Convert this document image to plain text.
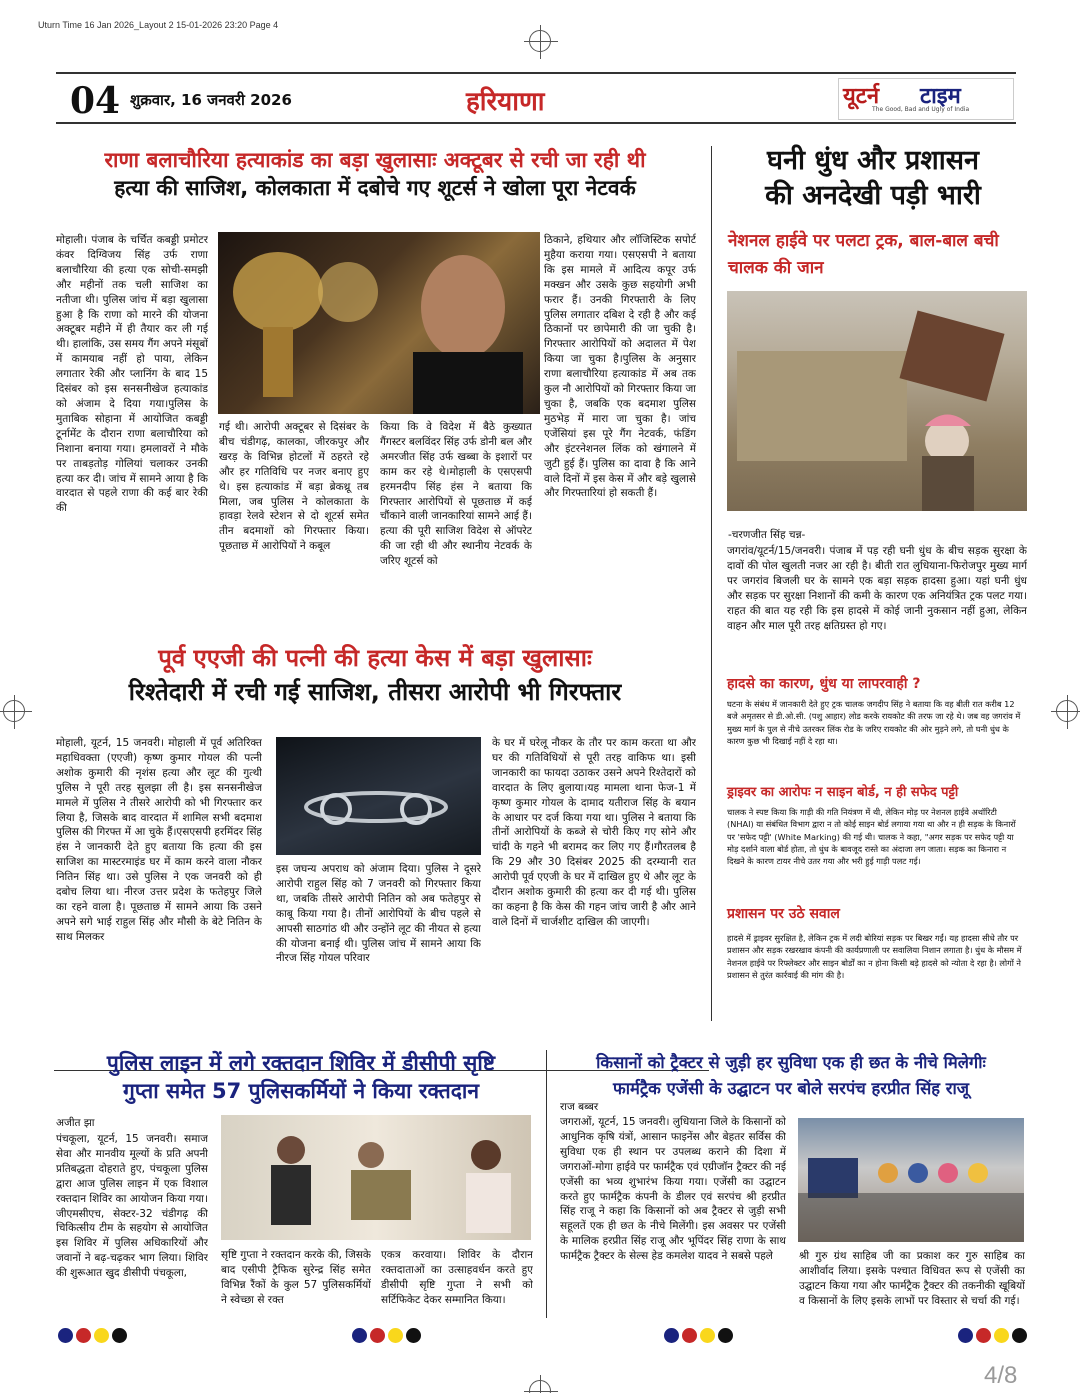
Uturn Time 16 Jan 2026_Layout 2 15-01-2026 23:20 Page 4
04 शुक्रवार, 16 जनवरी 2026	हरियाणा	यूटर्न टाइम
The Good, Bad and Ugly of India
राणा बलाचौरिया हत्याकांड का बड़ा खुलासाः अक्टूबर से रची जा रही थी
हत्या की साजिश, कोलकाता में दबोचे गए शूटर्स ने खोला पूरा नेटवर्क
मोहाली। पंजाब के चर्चित कबड्डी प्रमोटर कंवर दिग्विजय सिंह उर्फ राणा बलाचौरिया की हत्या एक सोची-समझी और महीनों तक चली साजिश का नतीजा थी। पुलिस जांच में बड़ा खुलासा हुआ है कि राणा को मारने की योजना अक्टूबर महीने में ही तैयार कर ली गई थी। हालांकि, उस समय गैंग अपने मंसूबों में कामयाब नहीं हो पाया, लेकिन लगातार रेकी और प्लानिंग के बाद 15 दिसंबर को इस सनसनीखेज हत्याकांड को अंजाम दे दिया गया।पुलिस के मुताबिक सोहाना में आयोजित कबड्डी टूर्नामेंट के दौरान राणा बलाचौरिया को निशाना बनाया गया। हमलावरों ने मौके पर ताबड़तोड़ गोलियां चलाकर उनकी हत्या कर दी। जांच में सामने आया है कि वारदात से पहले राणा की कई बार रेकी की
गई थी। आरोपी अक्टूबर से दिसंबर के बीच चंडीगढ़, कालका, जीरकपुर और खरड़ के विभिन्न होटलों में ठहरते रहे और हर गतिविधि पर नजर बनाए हुए थे। इस हत्याकांड में बड़ा ब्रेकथ्रू तब मिला, जब पुलिस ने कोलकाता के हावड़ा रेलवे स्टेशन से दो शूटर्स समेत तीन बदमाशों को गिरफ्तार किया। पूछताछ में आरोपियों ने कबूल
किया कि वे विदेश में बैठे कुख्यात गैंगस्टर बलविंदर सिंह उर्फ डोनी बल और अमरजीत सिंह उर्फ खब्बा के इशारों पर काम कर रहे थे।मोहाली के एसएसपी हरमनदीप सिंह हंस ने बताया कि गिरफ्तार आरोपियों से पूछताछ में कई चौंकाने वाली जानकारियां सामने आई हैं। हत्या की पूरी साजिश विदेश से ऑपरेट की जा रही थी और स्थानीय नेटवर्क के जरिए शूटर्स को
ठिकाने, हथियार और लॉजिस्टिक सपोर्ट मुहैया कराया गया। एसएसपी ने बताया कि इस मामले में आदित्य कपूर उर्फ मक्खन और उसके कुछ सहयोगी अभी फरार हैं। उनकी गिरफ्तारी के लिए पुलिस लगातार दबिश दे रही है और कई ठिकानों पर छापेमारी की जा चुकी है। गिरफ्तार आरोपियों को अदालत में पेश किया जा चुका है।पुलिस के अनुसार राणा बलाचौरिया हत्याकांड में अब तक कुल नौ आरोपियों को गिरफ्तार किया जा चुका है, जबकि एक बदमाश पुलिस मुठभेड़ में मारा जा चुका है। जांच एजेंसियां इस पूरे गैंग नेटवर्क, फंडिंग और इंटरनेशनल लिंक को खंगालने में जुटी हुई हैं। पुलिस का दावा है कि आने वाले दिनों में इस केस में और बड़े खुलासे और गिरफ्तारियां हो सकती हैं।
पूर्व एएजी की पत्नी की हत्या केस में बड़ा खुलासाः
रिश्तेदारी में रची गई साजिश, तीसरा आरोपी भी गिरफ्तार
मोहाली, यूटर्न, 15 जनवरी। मोहाली में पूर्व अतिरिक्त महाधिवक्ता (एएजी) कृष्ण कुमार गोयल की पत्नी अशोक कुमारी की नृशंस हत्या और लूट की गुत्थी पुलिस ने पूरी तरह सुलझा ली है। इस सनसनीखेज मामले में पुलिस ने तीसरे आरोपी को भी गिरफ्तार कर लिया है, जिसके बाद वारदात में शामिल सभी बदमाश पुलिस की गिरफ्त में आ चुके हैं।एसएसपी हरमिंदर सिंह हंस ने जानकारी देते हुए बताया कि हत्या की इस साजिश का मास्टरमाइंड घर में काम करने वाला नौकर नितिन सिंह था। उसे पुलिस ने एक जनवरी को ही दबोच लिया था। नीरज उत्तर प्रदेश के फतेहपुर जिले का रहने वाला है। पूछताछ में सामने आया कि उसने अपने सगे भाई राहुल सिंह और मौसी के बेटे नितिन के साथ मिलकर
इस जघन्य अपराध को अंजाम दिया। पुलिस ने दूसरे आरोपी राहुल सिंह को 7 जनवरी को गिरफ्तार किया था, जबकि तीसरे आरोपी नितिन को अब फतेहपुर से काबू किया गया है। तीनों आरोपियों के बीच पहले से आपसी साठगांठ थी और उन्होंने लूट की नीयत से हत्या की योजना बनाई थी। पुलिस जांच में सामने आया कि नीरज सिंह गोयल परिवार
के घर में घरेलू नौकर के तौर पर काम करता था और घर की गतिविधियों से पूरी तरह वाकिफ था। इसी जानकारी का फायदा उठाकर उसने अपने रिश्तेदारों को वारदात के लिए बुलाया।यह मामला थाना फेज-1 में कृष्ण कुमार गोयल के दामाद यतीराज सिंह के बयान के आधार पर दर्ज किया गया था। पुलिस ने बताया कि तीनों आरोपियों के कब्जे से चोरी किए गए सोने और चांदी के गहने भी बरामद कर लिए गए हैं।गौरतलब है कि 29 और 30 दिसंबर 2025 की दरम्यानी रात आरोपी पूर्व एएजी के घर में दाखिल हुए थे और लूट के दौरान अशोक कुमारी की हत्या कर दी गई थी। पुलिस का कहना है कि केस की गहन जांच जारी है और आने वाले दिनों में चार्जशीट दाखिल की जाएगी।
घनी धुंध और प्रशासन
की अनदेखी पड़ी भारी
नेशनल हाईवे पर पलटा ट्रक, बाल-बाल बची चालक की जान
-चरणजीत सिंह चन्न-
जगरांव/यूटर्न/15/जनवरी। पंजाब में पड़ रही घनी धुंध के बीच सड़क सुरक्षा के दावों की पोल खुलती नजर आ रही है। बीती रात लुधियाना-फिरोजपुर मुख्य मार्ग पर जगरांव बिजली घर के सामने एक बड़ा सड़क हादसा हुआ। यहां घनी धुंध और सड़क पर सुरक्षा निशानों की कमी के कारण एक अनियंत्रित ट्रक पलट गया। राहत की बात यह रही कि इस हादसे में कोई जानी नुकसान नहीं हुआ, लेकिन वाहन और माल पूरी तरह क्षतिग्रस्त हो गए।
हादसे का कारण, धुंध या लापरवाही ?
घटना के संबंध में जानकारी देते हुए ट्रक चालक जगदीप सिंह ने बताया कि वह बीती रात करीब 12 बजे अमृतसर से डी.ओ.सी. (पशु आहार) लोड करके रायकोट की तरफ जा रहे थे। जब वह जगरांव में मुख्य मार्ग के पुल से नीचे उतरकर लिंक रोड के जरिए रायकोट की ओर मुड़ने लगे, तो घनी धुंध के कारण कुछ भी दिखाई नहीं दे रहा था।
ड्राइवर का आरोपः न साइन बोर्ड, न ही सफेद पट्टी
चालक ने स्पष्ट किया कि गाड़ी की गति नियंत्रण में थी, लेकिन मोड़ पर नेशनल हाईवे अथॉरिटी (NHAI) या संबंधित विभाग द्वारा न तो कोई साइन बोर्ड लगाया गया था और न ही सड़क के किनारों पर 'सफेद पट्टी' (White Marking) की गई थी। चालक ने कहा, "अगर सड़क पर सफेद पट्टी या मोड़ दर्शाने वाला बोर्ड होता, तो धुंध के बावजूद रास्ते का अंदाजा लग जाता। सड़क का किनारा न दिखने के कारण टायर नीचे उतर गया और भरी हुई गाड़ी पलट गई।
प्रशासन पर उठे सवाल
हादसे में ड्राइवर सुरक्षित है, लेकिन ट्रक में लदी बोरियां सड़क पर बिखर गईं। यह हादसा सीधे तौर पर प्रशासन और सड़क रखरखाव कंपनी की कार्यप्रणाली पर सवालिया निशान लगाता है। धुंध के मौसम में नेशनल हाईवे पर रिफ्लेक्टर और साइन बोर्डों का न होना किसी बड़े हादसे को न्योता दे रहा है। लोगों ने प्रशासन से तुरंत कार्रवाई की मांग की है।
पुलिस लाइन में लगे रक्तदान शिविर में डीसीपी सृष्टि
गुप्ता समेत 57 पुलिसकर्मियों ने किया रक्तदान
अजीत झा
पंचकूला, यूटर्न, 15 जनवरी। समाज सेवा और मानवीय मूल्यों के प्रति अपनी प्रतिबद्धता दोहराते हुए, पंचकूला पुलिस द्वारा आज पुलिस लाइन में एक विशाल रक्तदान शिविर का आयोजन किया गया। जीएमसीएच, सेक्टर-32 चंडीगढ़ की चिकित्सीय टीम के सहयोग से आयोजित इस शिविर में पुलिस अधिकारियों और जवानों ने बढ़-चढ़कर भाग लिया। शिविर की शुरूआत खुद डीसीपी पंचकूला,
सृष्टि गुप्ता ने रक्तदान करके की, जिसके बाद एसीपी ट्रैफिक सुरेन्द्र सिंह समेत विभिन्न रैंकों के कुल 57 पुलिसकर्मियों ने स्वेच्छा से रक्त
एकत्र करवाया। शिविर के दौरान रक्तदाताओं का उत्साहवर्धन करते हुए डीसीपी सृष्टि गुप्ता ने सभी को सर्टिफिकेट देकर सम्मानित किया।
किसानों को ट्रैक्टर से जुड़ी हर सुविधा एक ही छत के नीचे मिलेगीः
फार्मट्रैक एजेंसी के उद्घाटन पर बोले सरपंच हरप्रीत सिंह राजू
राज बब्बर
जगराओं, यूटर्न, 15 जनवरी। लुधियाना जिले के किसानों को आधुनिक कृषि यंत्रों, आसान फाइनेंस और बेहतर सर्विस की सुविधा एक ही स्थान पर उपलब्ध कराने की दिशा में जगराओं-मोगा हाईवे पर फार्मट्रैक एवं एग्रीजॉन ट्रैक्टर की नई एजेंसी का भव्य शुभारंभ किया गया। एजेंसी का उद्घाटन करते हुए फार्मट्रैक कंपनी के डीलर एवं सरपंच श्री हरप्रीत सिंह राजू ने कहा कि किसानों को अब ट्रैक्टर से जुड़ी सभी सहूलतें एक ही छत के नीचे मिलेंगी। इस अवसर पर एजेंसी के मालिक हरप्रीत सिंह राजू और भूपिंदर सिंह राणा के साथ फार्मट्रैक ट्रैक्टर के सेल्स हेड कमलेश यादव ने सबसे पहले	श्री गुरु ग्रंथ साहिब जी का प्रकाश कर गुरु साहिब का आशीर्वाद लिया। इसके पश्चात विधिवत रूप से एजेंसी का उद्घाटन किया गया और फार्मट्रैक ट्रैक्टर की तकनीकी खूबियों व किसानों के लिए इसके लाभों पर विस्तार से चर्चा की गई।
4/8
